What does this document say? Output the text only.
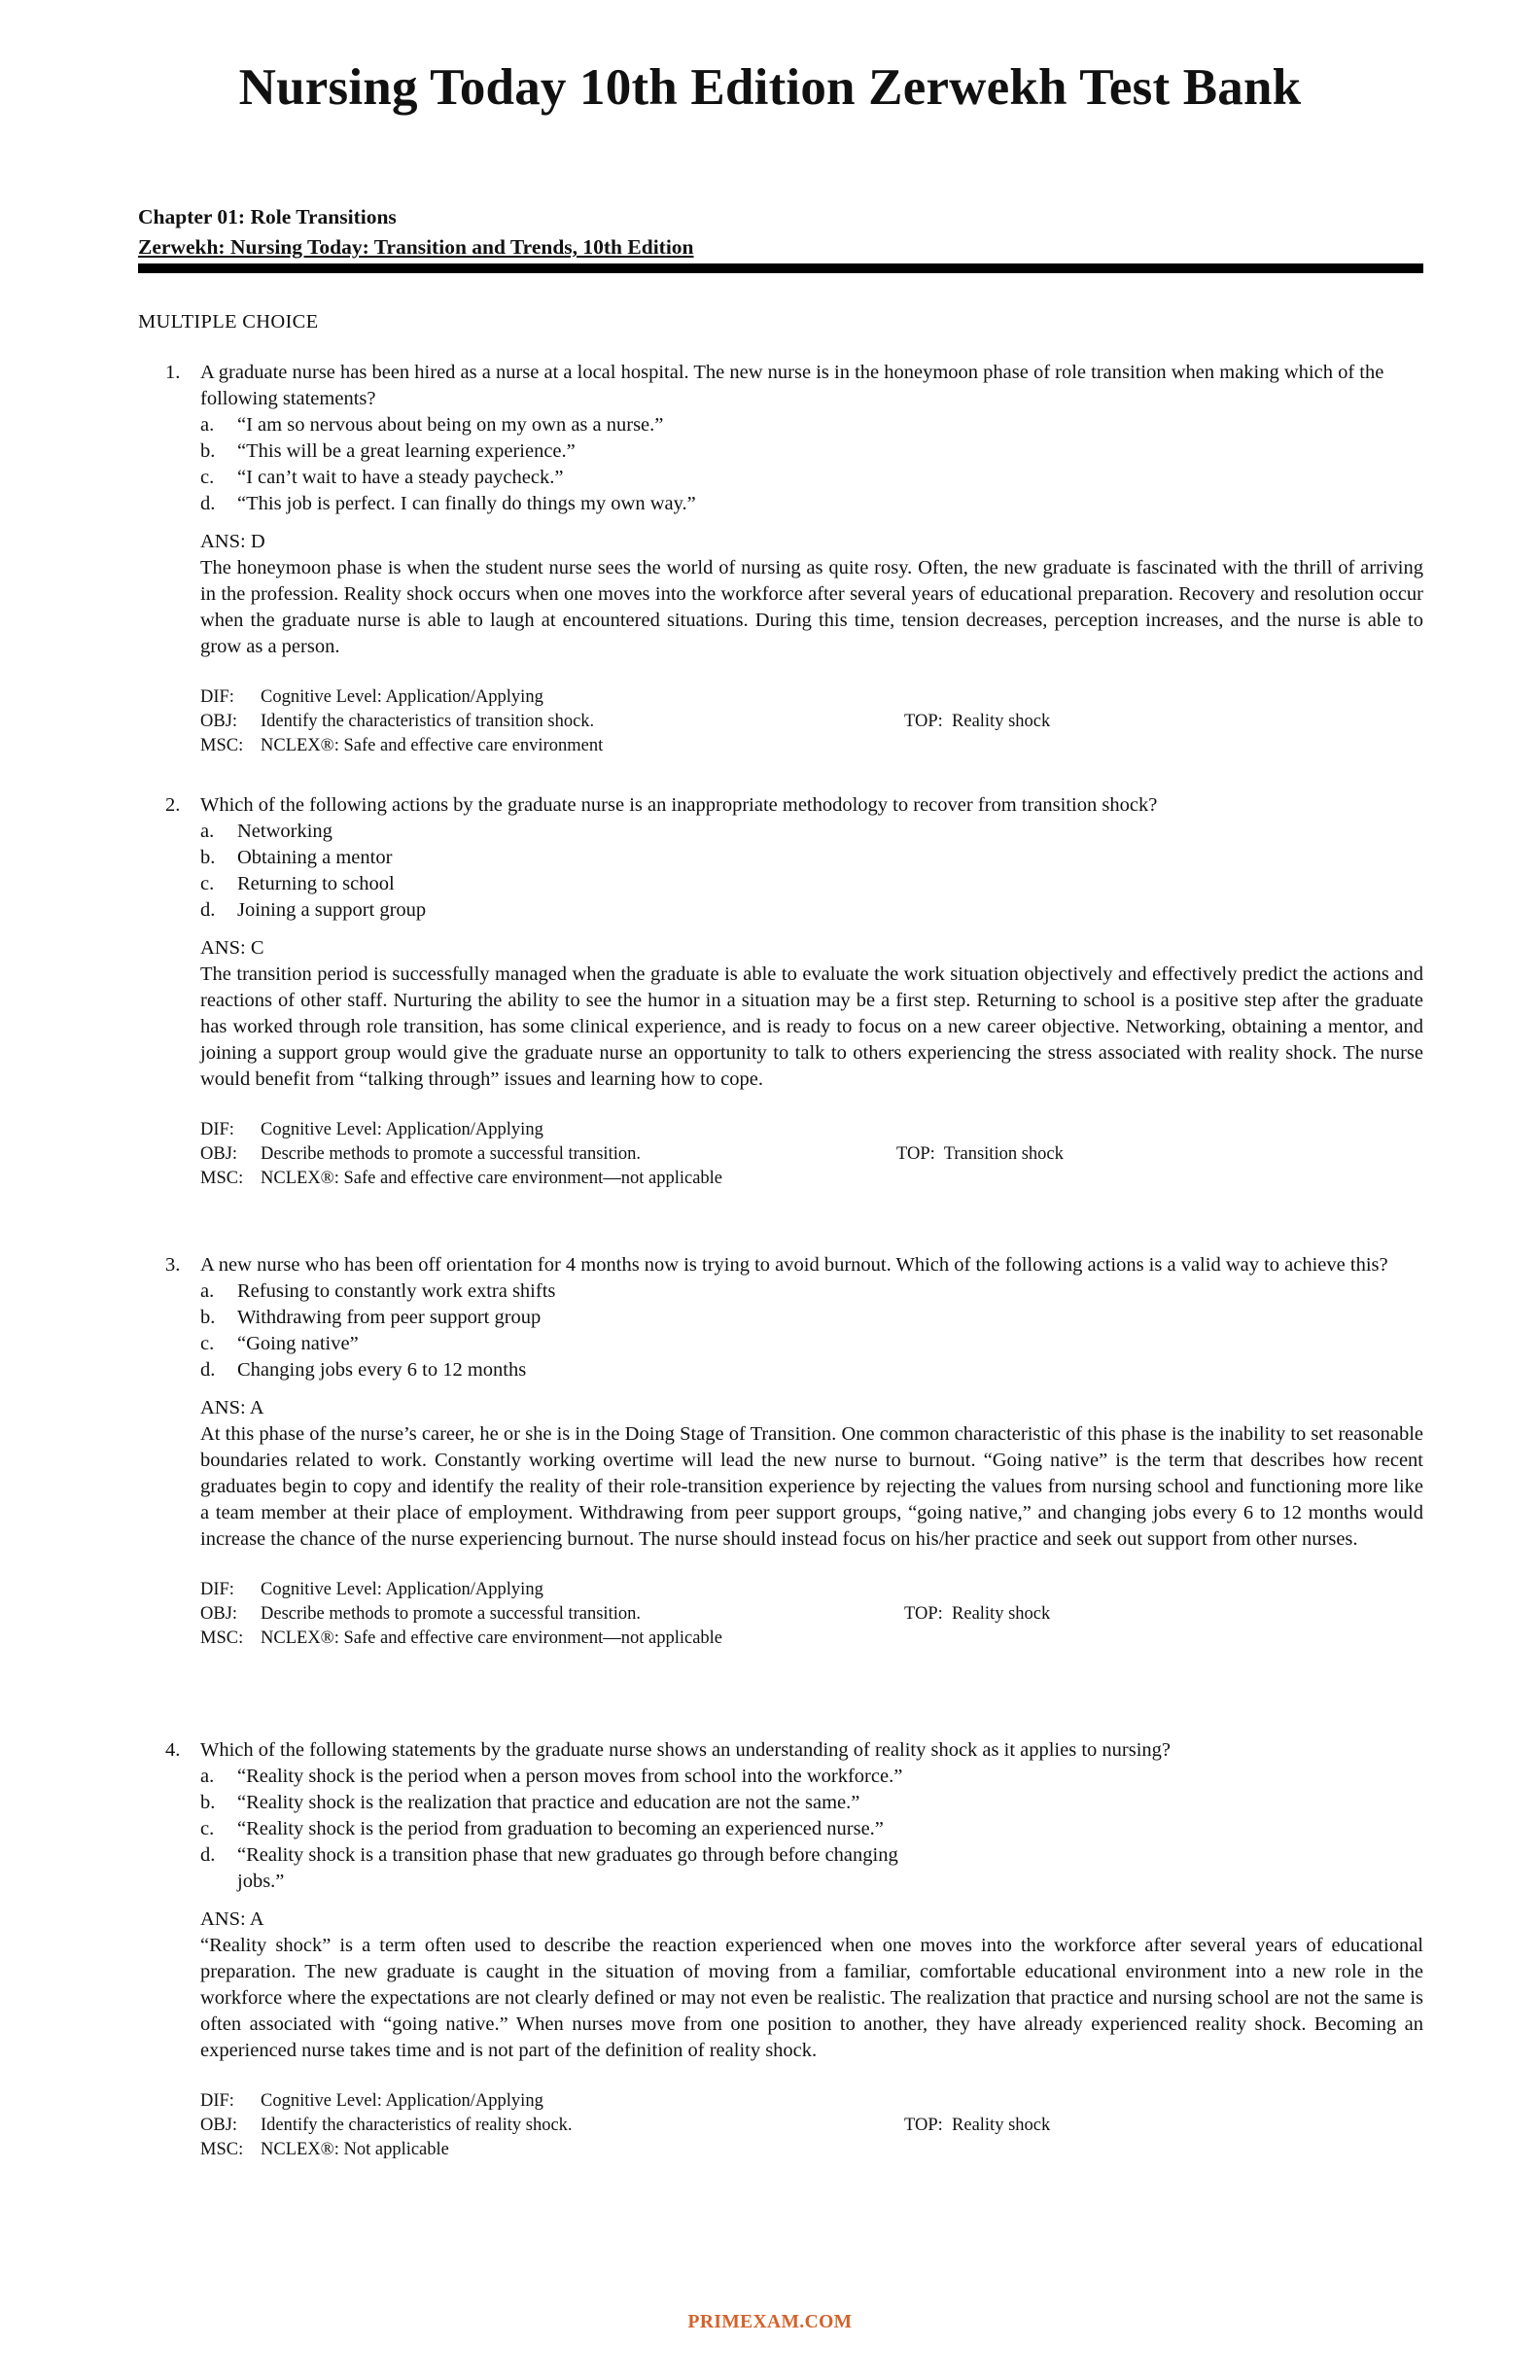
Nursing Today 10th Edition Zerwekh Test Bank
Chapter 01: Role Transitions
Zerwekh: Nursing Today: Transition and Trends, 10th Edition
MULTIPLE CHOICE
1. A graduate nurse has been hired as a nurse at a local hospital. The new nurse is in the honeymoon phase of role transition when making which of the following statements?
a. “I am so nervous about being on my own as a nurse.”
b. “This will be a great learning experience.”
c. “I can’t wait to have a steady paycheck.”
d. “This job is perfect. I can finally do things my own way.”
ANS: D
The honeymoon phase is when the student nurse sees the world of nursing as quite rosy. Often, the new graduate is fascinated with the thrill of arriving in the profession. Reality shock occurs when one moves into the workforce after several years of educational preparation. Recovery and resolution occur when the graduate nurse is able to laugh at encountered situations. During this time, tension decreases, perception increases, and the nurse is able to grow as a person.
DIF: Cognitive Level: Application/Applying
OBJ: Identify the characteristics of transition shock.	TOP: Reality shock
MSC: NCLEX®: Safe and effective care environment
2. Which of the following actions by the graduate nurse is an inappropriate methodology to recover from transition shock?
a. Networking
b. Obtaining a mentor
c. Returning to school
d. Joining a support group
ANS: C
The transition period is successfully managed when the graduate is able to evaluate the work situation objectively and effectively predict the actions and reactions of other staff. Nurturing the ability to see the humor in a situation may be a first step. Returning to school is a positive step after the graduate has worked through role transition, has some clinical experience, and is ready to focus on a new career objective. Networking, obtaining a mentor, and joining a support group would give the graduate nurse an opportunity to talk to others experiencing the stress associated with reality shock. The nurse would benefit from “talking through” issues and learning how to cope.
DIF: Cognitive Level: Application/Applying
OBJ: Describe methods to promote a successful transition.	TOP: Transition shock
MSC: NCLEX®: Safe and effective care environment—not applicable
3. A new nurse who has been off orientation for 4 months now is trying to avoid burnout. Which of the following actions is a valid way to achieve this?
a. Refusing to constantly work extra shifts
b. Withdrawing from peer support group
c. “Going native”
d. Changing jobs every 6 to 12 months
ANS: A
At this phase of the nurse’s career, he or she is in the Doing Stage of Transition. One common characteristic of this phase is the inability to set reasonable boundaries related to work. Constantly working overtime will lead the new nurse to burnout. “Going native” is the term that describes how recent graduates begin to copy and identify the reality of their role-transition experience by rejecting the values from nursing school and functioning more like a team member at their place of employment. Withdrawing from peer support groups, “going native,” and changing jobs every 6 to 12 months would increase the chance of the nurse experiencing burnout. The nurse should instead focus on his/her practice and seek out support from other nurses.
DIF: Cognitive Level: Application/Applying
OBJ: Describe methods to promote a successful transition.	TOP: Reality shock
MSC: NCLEX®: Safe and effective care environment—not applicable
4. Which of the following statements by the graduate nurse shows an understanding of reality shock as it applies to nursing?
a. “Reality shock is the period when a person moves from school into the workforce.”
b. “Reality shock is the realization that practice and education are not the same.”
c. “Reality shock is the period from graduation to becoming an experienced nurse.”
d. “Reality shock is a transition phase that new graduates go through before changing jobs.”
ANS: A
“Reality shock” is a term often used to describe the reaction experienced when one moves into the workforce after several years of educational preparation. The new graduate is caught in the situation of moving from a familiar, comfortable educational environment into a new role in the workforce where the expectations are not clearly defined or may not even be realistic. The realization that practice and nursing school are not the same is often associated with “going native.” When nurses move from one position to another, they have already experienced reality shock. Becoming an experienced nurse takes time and is not part of the definition of reality shock.
DIF: Cognitive Level: Application/Applying
OBJ: Identify the characteristics of reality shock.	TOP: Reality shock
MSC: NCLEX®: Not applicable
PRIMEXAM.COM
